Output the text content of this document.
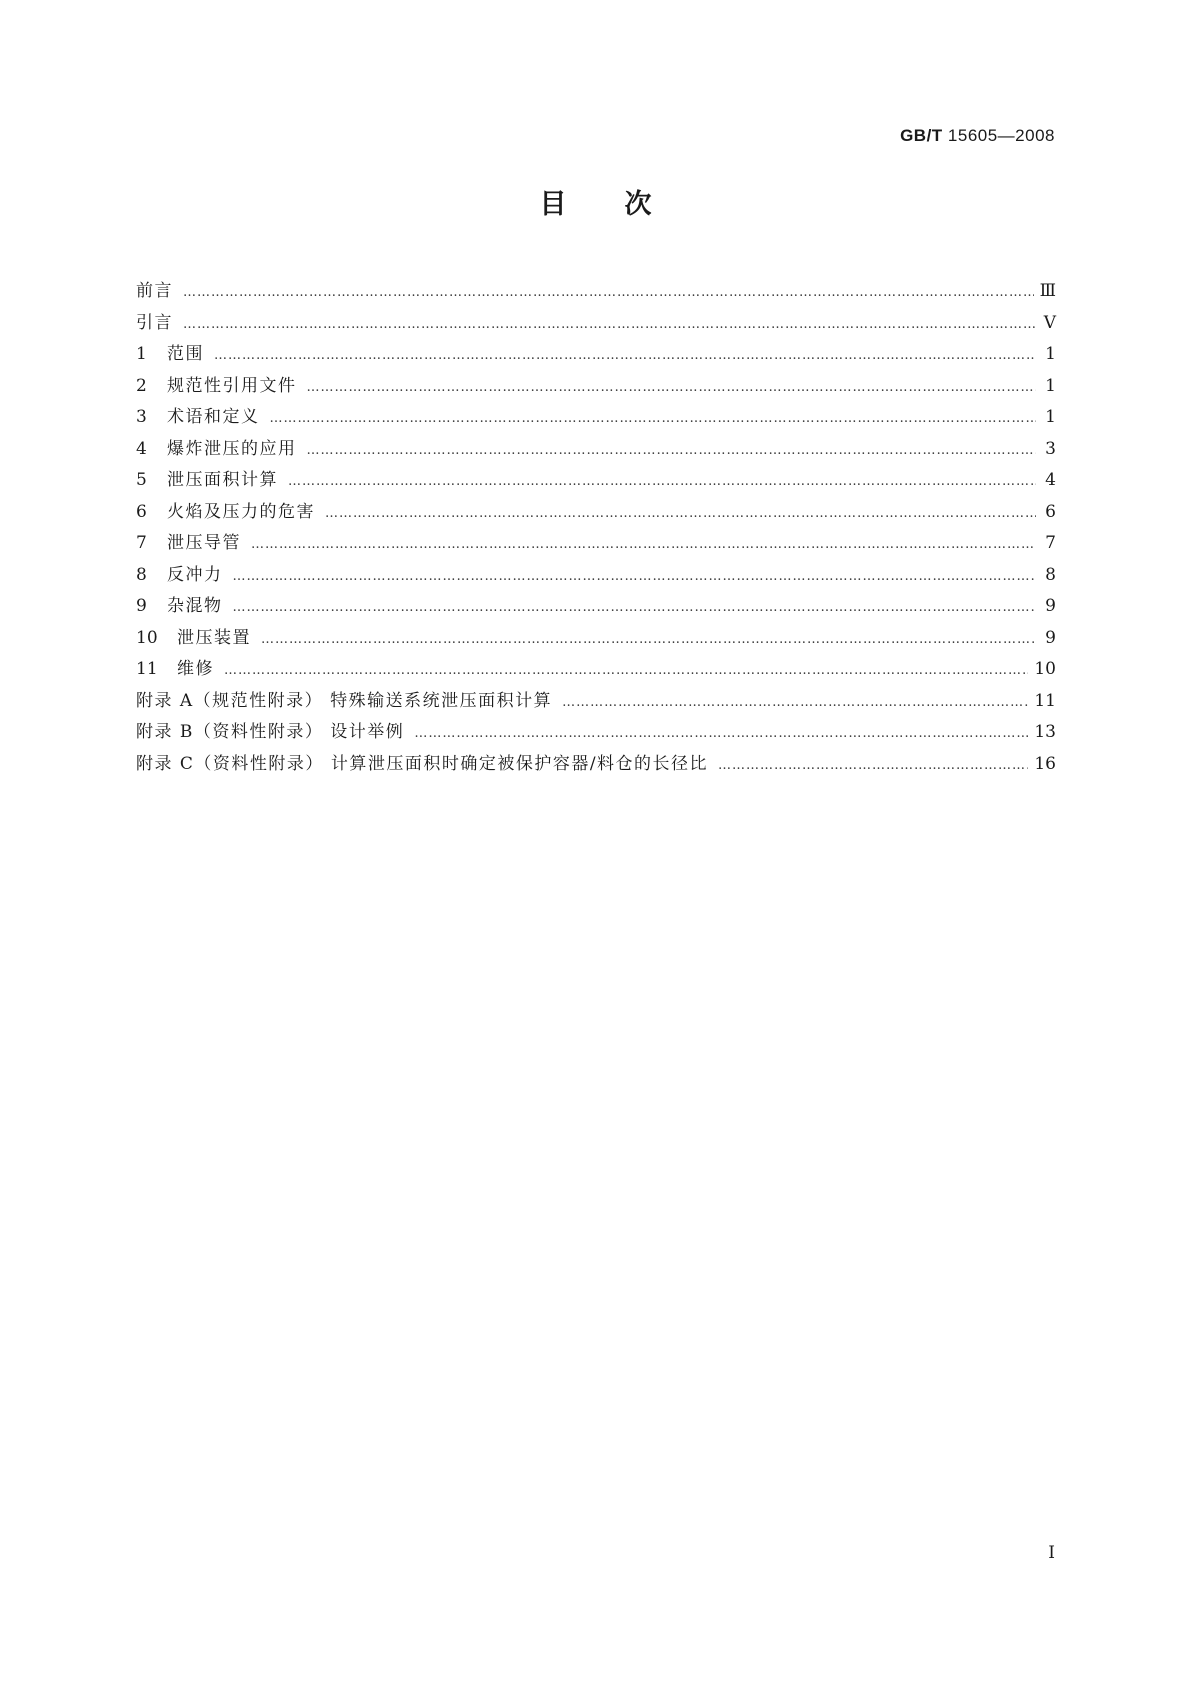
GB/T 15605—2008
目次
前言 ………………………………………………………………………………………………………………………………………………………………………………………………………………………………………………	Ⅲ
引言 ………………………………………………………………………………………………………………………………………………………………………………………………………………………………………………	Ⅴ
1	范围 ………………………………………………………………………………………………………………………………………………………………………………………………………………………………………………	1
2	规范性引用文件 ………………………………………………………………………………………………………………………………………………………………………………………………………………………………………………	1
3	术语和定义 ………………………………………………………………………………………………………………………………………………………………………………………………………………………………………………	1
4	爆炸泄压的应用 ………………………………………………………………………………………………………………………………………………………………………………………………………………………………………………	3
5	泄压面积计算 ………………………………………………………………………………………………………………………………………………………………………………………………………………………………………………	4
6	火焰及压力的危害 ………………………………………………………………………………………………………………………………………………………………………………………………………………………………………………	6
7	泄压导管 ………………………………………………………………………………………………………………………………………………………………………………………………………………………………………………	7
8	反冲力 ………………………………………………………………………………………………………………………………………………………………………………………………………………………………………………	8
9	杂混物 ………………………………………………………………………………………………………………………………………………………………………………………………………………………………………………	9
10	泄压装置 ………………………………………………………………………………………………………………………………………………………………………………………………………………………………………………	9
11	维修 ………………………………………………………………………………………………………………………………………………………………………………………………………………………………………………	10
附录 A（规范性附录） 特殊输送系统泄压面积计算 ………………………………………………………………………………………………………………………………………………………………………………………………………………………………………………	11
附录 B（资料性附录） 设计举例 ………………………………………………………………………………………………………………………………………………………………………………………………………………………………………………	13
附录 C（资料性附录） 计算泄压面积时确定被保护容器/料仓的长径比 ………………………………………………………………………………………………………………………………………………………………………………………………………………………………………………	16
Ⅰ
